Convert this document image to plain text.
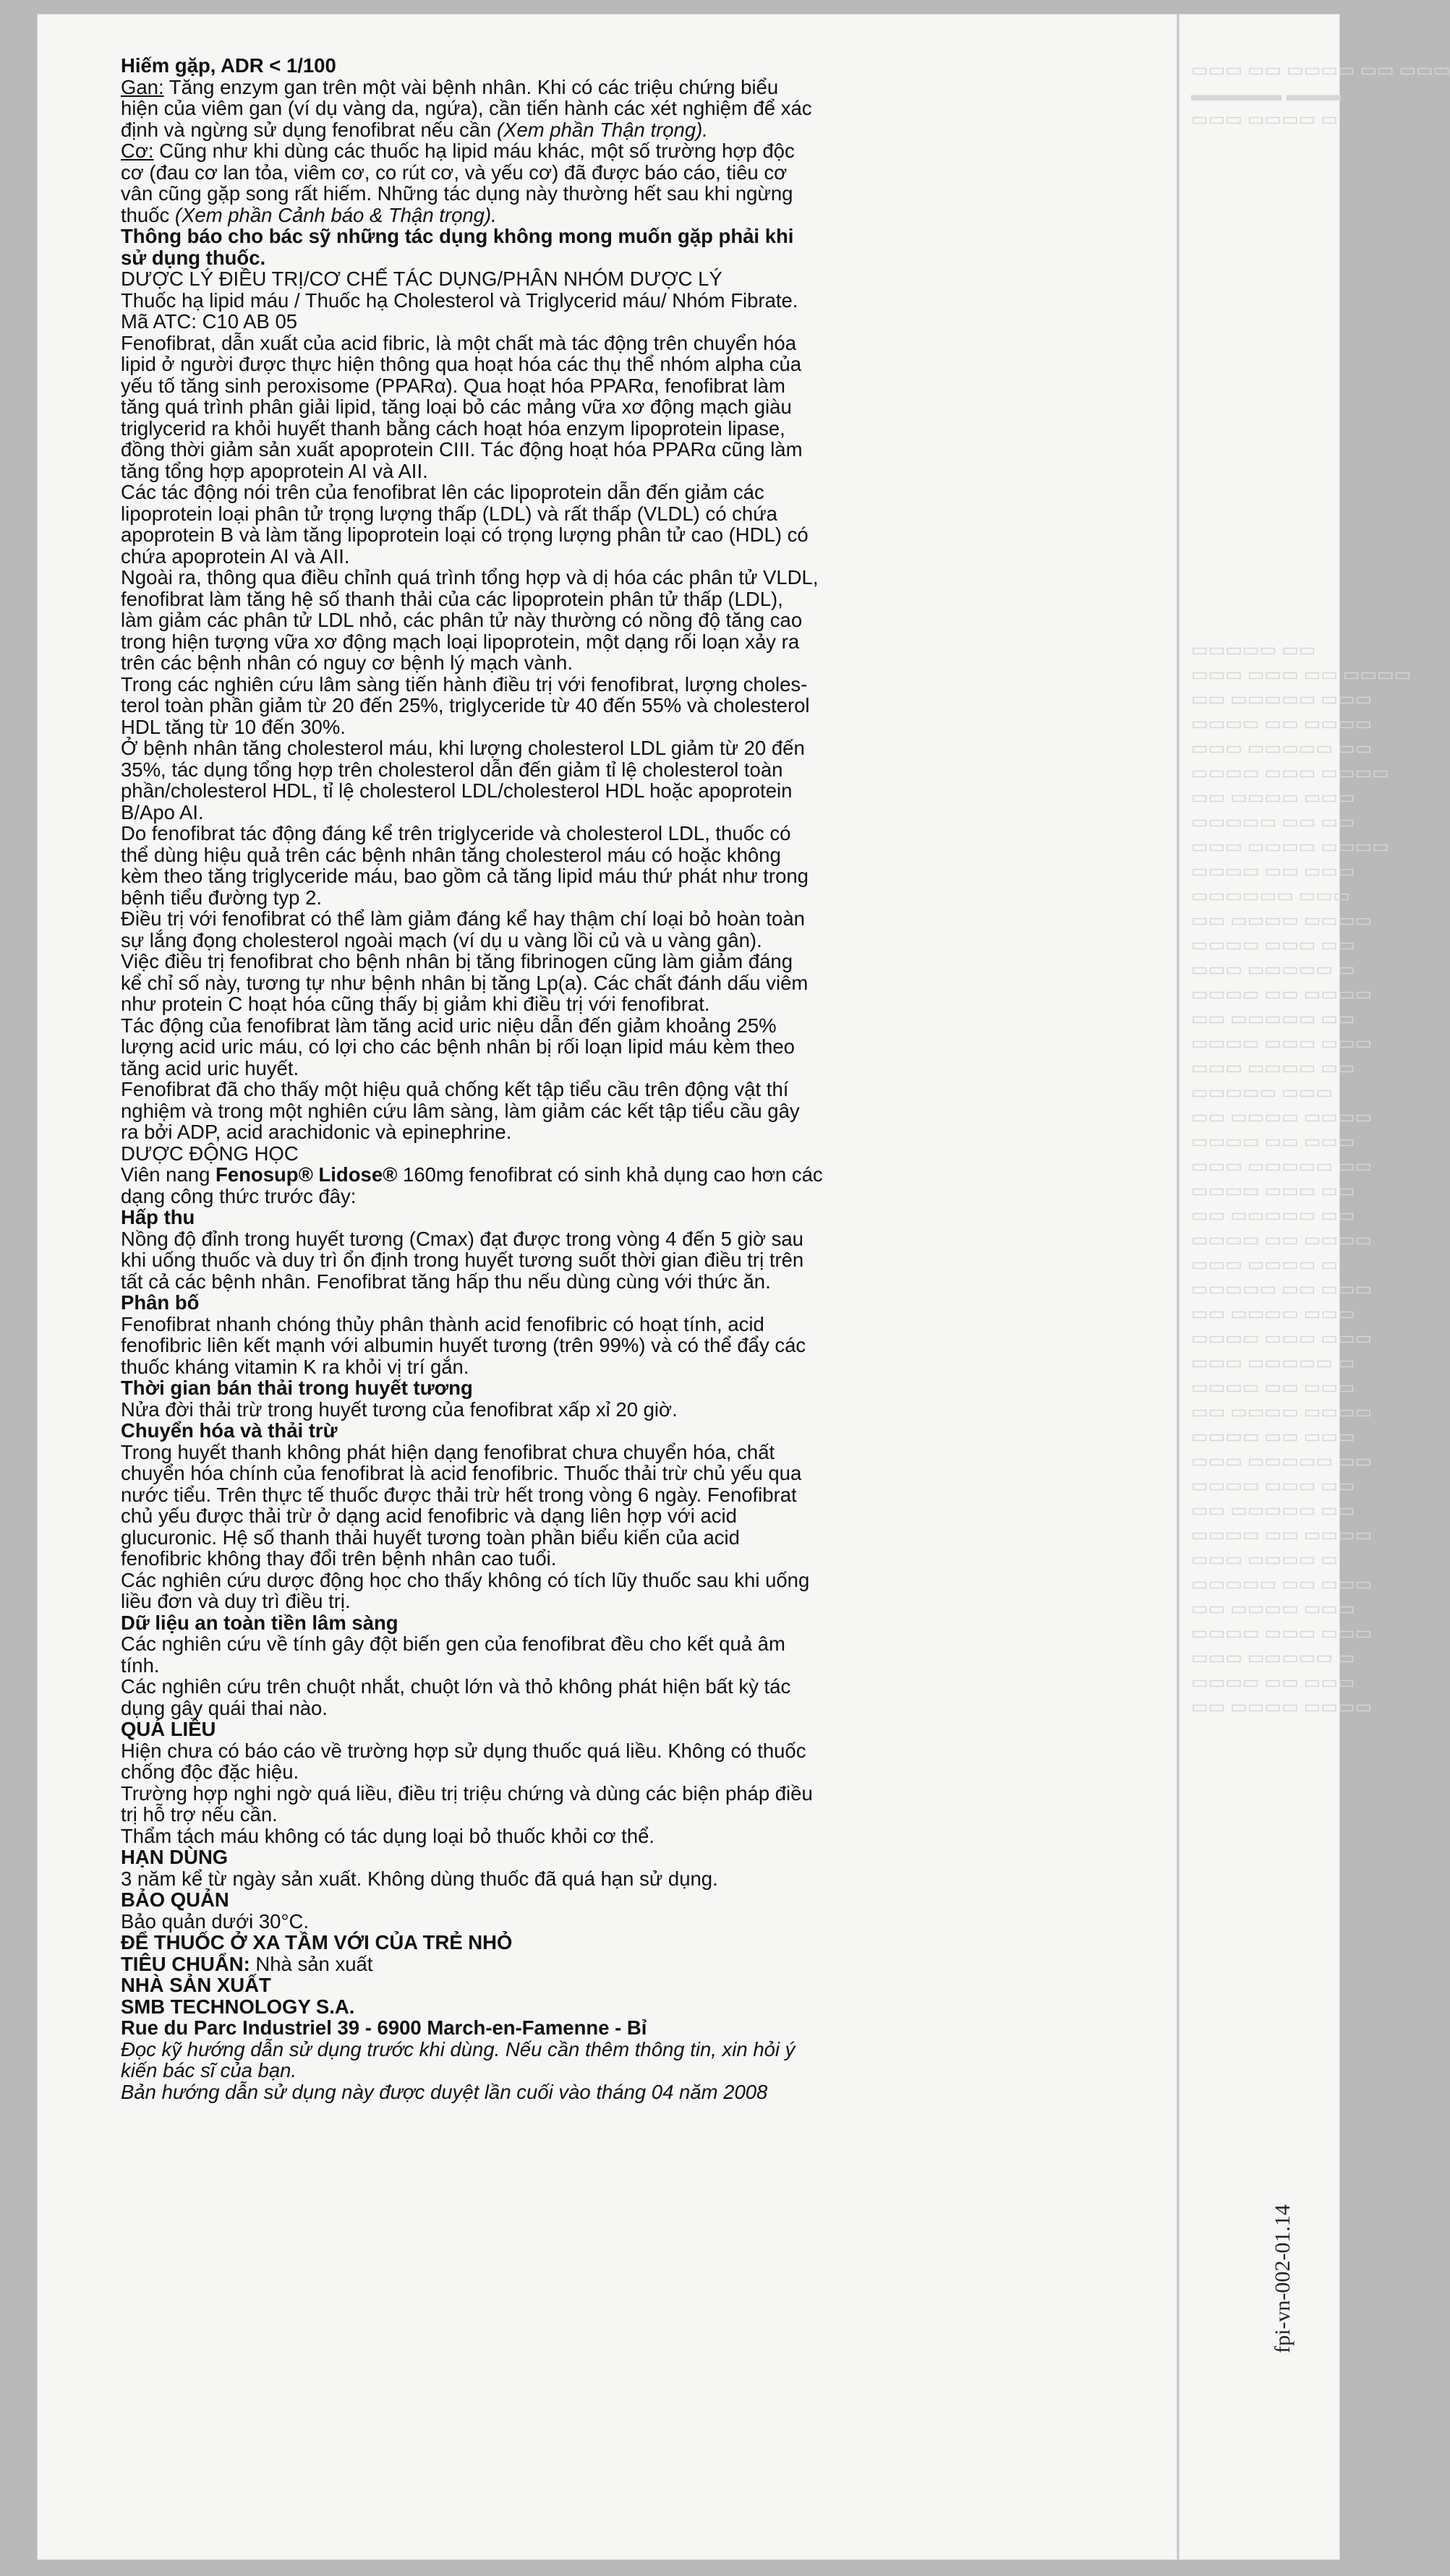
▭▭▭ ▭▭ ▭▭▭▭ ▭▭ ▭▭▭
▬▬▬▬▬ ▬▬▬
▭▭▭ ▭▭▭▭ ▭
▭▭▭▭▭ ▭▭
▭▭▭ ▭▭▭ ▭▭ ▭▭▭▭
▭▭ ▭▭▭▭▭ ▭▭▭
▭▭▭▭ ▭▭ ▭▭▭▭
▭▭▭ ▭▭▭▭▭ ▭▭
▭▭▭▭ ▭▭▭ ▭▭▭▭
▭▭ ▭▭▭▭ ▭▭▭
▭▭▭▭▭ ▭▭ ▭▭
▭▭▭ ▭▭▭▭ ▭▭▭▭
▭▭▭▭ ▭▭ ▭▭▭
▭▭▭▭▭▭ ▭▭▭
▭▭ ▭▭▭▭ ▭▭▭▭
▭▭▭▭ ▭▭▭ ▭▭
▭▭▭ ▭▭▭▭▭ ▭
▭▭▭▭ ▭▭ ▭▭▭▭
▭▭ ▭▭▭▭▭ ▭▭
▭▭▭▭ ▭▭▭ ▭▭▭
▭▭▭ ▭▭▭▭ ▭▭
▭▭▭▭▭ ▭▭▭
▭▭ ▭▭▭▭ ▭▭▭▭
▭▭▭▭ ▭▭ ▭▭▭
▭▭▭ ▭▭▭▭▭ ▭▭
▭▭▭▭ ▭▭▭ ▭▭
▭▭ ▭▭▭▭▭ ▭▭
▭▭▭▭ ▭▭ ▭▭▭▭
▭▭▭ ▭▭▭▭ ▭
▭▭▭▭▭ ▭▭ ▭▭▭
▭▭ ▭▭▭▭ ▭▭▭
▭▭▭▭ ▭▭▭ ▭▭▭
▭▭▭ ▭▭▭▭▭ ▭
▭▭▭▭ ▭▭ ▭▭▭
▭▭ ▭▭▭▭ ▭▭▭▭
▭▭▭▭ ▭▭ ▭▭▭
▭▭▭ ▭▭▭▭▭ ▭▭
▭▭▭▭ ▭▭▭ ▭▭
▭▭ ▭▭▭▭▭ ▭▭
▭▭▭▭ ▭▭ ▭▭▭▭
▭▭▭ ▭▭▭▭ ▭
▭▭▭▭▭ ▭▭ ▭▭▭
▭▭ ▭▭▭▭ ▭▭▭
▭▭▭▭ ▭▭▭ ▭▭▭
▭▭▭ ▭▭▭▭▭ ▭
▭▭▭▭ ▭▭ ▭▭▭
▭▭ ▭▭▭▭ ▭▭▭▭

Hiếm gặp, ADR < 1/100

Gan: Tăng enzym gan trên một vài bệnh nhân. Khi có các triệu chứng biểu

hiện của viêm gan (ví dụ vàng da, ngứa), cần tiến hành các xét nghiệm để xác

định và ngừng sử dụng fenofibrat nếu cần (Xem phần Thận trọng).

Cơ: Cũng như khi dùng các thuốc hạ lipid máu khác, một số trường hợp độc

cơ (đau cơ lan tỏa, viêm cơ, co rút cơ, và yếu cơ) đã được báo cáo, tiêu cơ

vân cũng gặp song rất hiếm. Những tác dụng này thường hết sau khi ngừng

thuốc (Xem phần Cảnh báo & Thận trọng).

Thông báo cho bác sỹ những tác dụng không mong muốn gặp phải khi

sử dụng thuốc.

DƯỢC LÝ ĐIỀU TRỊ/CƠ CHẾ TÁC DỤNG/PHÂN NHÓM DƯỢC LÝ

Thuốc hạ lipid máu / Thuốc hạ Cholesterol và Triglycerid máu/ Nhóm Fibrate.

Mã ATC: C10 AB 05

Fenofibrat, dẫn xuất của acid fibric, là một chất mà tác động trên chuyển hóa

lipid ở người được thực hiện thông qua hoạt hóa các thụ thể nhóm alpha của

yếu tố tăng sinh peroxisome (PPARα). Qua hoạt hóa PPARα, fenofibrat làm

tăng quá trình phân giải lipid, tăng loại bỏ các mảng vữa xơ động mạch giàu

triglycerid ra khỏi huyết thanh bằng cách hoạt hóa enzym lipoprotein lipase,

đồng thời giảm sản xuất apoprotein CIII. Tác động hoạt hóa PPARα cũng làm

tăng tổng hợp apoprotein AI và AII.

Các tác động nói trên của fenofibrat lên các lipoprotein dẫn đến giảm các

lipoprotein loại phân tử trọng lượng thấp (LDL) và rất thấp (VLDL) có chứa

apoprotein B và làm tăng lipoprotein loại có trọng lượng phân tử cao (HDL) có

chứa apoprotein AI và AII.

Ngoài ra, thông qua điều chỉnh quá trình tổng hợp và dị hóa các phân tử VLDL,

fenofibrat làm tăng hệ số thanh thải của các lipoprotein phân tử thấp (LDL),

làm giảm các phân tử LDL nhỏ, các phân tử này thường có nồng độ tăng cao

trong hiện tượng vữa xơ động mạch loại lipoprotein, một dạng rối loạn xảy ra

trên các bệnh nhân có nguy cơ bệnh lý mạch vành.

Trong các nghiên cứu lâm sàng tiến hành điều trị với fenofibrat, lượng choles-

terol toàn phần giảm từ 20 đến 25%, triglyceride từ 40 đến 55% và cholesterol

HDL tăng từ 10 đến 30%.

Ở bệnh nhân tăng cholesterol máu, khi lượng cholesterol LDL giảm từ 20 đến

35%, tác dụng tổng hợp trên cholesterol dẫn đến giảm tỉ lệ cholesterol toàn

phần/cholesterol HDL, tỉ lệ cholesterol LDL/cholesterol HDL hoặc apoprotein

B/Apo AI.

Do fenofibrat tác động đáng kể trên triglyceride và cholesterol LDL, thuốc có

thể dùng hiệu quả trên các bệnh nhân tăng cholesterol máu có hoặc không

kèm theo tăng triglyceride máu, bao gồm cả tăng lipid máu thứ phát như trong

bệnh tiểu đường typ 2.

Điều trị với fenofibrat có thể làm giảm đáng kể hay thậm chí loại bỏ hoàn toàn

sự lắng đọng cholesterol ngoài mạch (ví dụ u vàng lồi củ và u vàng gân).

Việc điều trị fenofibrat cho bệnh nhân bị tăng fibrinogen cũng làm giảm đáng

kể chỉ số này, tương tự như bệnh nhân bị tăng Lp(a). Các chất đánh dấu viêm

như protein C hoạt hóa cũng thấy bị giảm khi điều trị với fenofibrat.

Tác động của fenofibrat làm tăng acid uric niệu dẫn đến giảm khoảng 25%

lượng acid uric máu, có lợi cho các bệnh nhân bị rối loạn lipid máu kèm theo

tăng acid uric huyết.

Fenofibrat đã cho thấy một hiệu quả chống kết tập tiểu cầu trên động vật thí

nghiệm và trong một nghiên cứu lâm sàng, làm giảm các kết tập tiểu cầu gây

ra bởi ADP, acid arachidonic và epinephrine.

DƯỢC ĐỘNG HỌC

Viên nang Fenosup® Lidose® 160mg fenofibrat có sinh khả dụng cao hơn các

dạng công thức trước đây:

Hấp thu

Nồng độ đỉnh trong huyết tương (Cmax) đạt được trong vòng 4 đến 5 giờ sau

khi uống thuốc và duy trì ổn định trong huyết tương suốt thời gian điều trị trên

tất cả các bệnh nhân. Fenofibrat tăng hấp thu nếu dùng cùng với thức ăn.

Phân bố

Fenofibrat nhanh chóng thủy phân thành acid fenofibric có hoạt tính, acid

fenofibric liên kết mạnh với albumin huyết tương (trên 99%) và có thể đẩy các

thuốc kháng vitamin K ra khỏi vị trí gắn.

Thời gian bán thải trong huyết tương

Nửa đời thải trừ trong huyết tương của fenofibrat xấp xỉ 20 giờ.

Chuyển hóa và thải trừ

Trong huyết thanh không phát hiện dạng fenofibrat chưa chuyển hóa, chất

chuyển hóa chính của fenofibrat là acid fenofibric. Thuốc thải trừ chủ yếu qua

nước tiểu. Trên thực tế thuốc được thải trừ hết trong vòng 6 ngày. Fenofibrat

chủ yếu được thải trừ ở dạng acid fenofibric và dạng liên hợp với acid

glucuronic. Hệ số thanh thải huyết tương toàn phần biểu kiến của acid

fenofibric không thay đổi trên bệnh nhân cao tuổi.

Các nghiên cứu dược động học cho thấy không có tích lũy thuốc sau khi uống

liều đơn và duy trì điều trị.

Dữ liệu an toàn tiền lâm sàng

Các nghiên cứu về tính gây đột biến gen của fenofibrat đều cho kết quả âm

tính.

Các nghiên cứu trên chuột nhắt, chuột lớn và thỏ không phát hiện bất kỳ tác

dụng gây quái thai nào.

QUÁ LIỀU

Hiện chưa có báo cáo về trường hợp sử dụng thuốc quá liều. Không có thuốc

chống độc đặc hiệu.

Trường hợp nghi ngờ quá liều, điều trị triệu chứng và dùng các biện pháp điều

trị hỗ trợ nếu cần.

Thẩm tách máu không có tác dụng loại bỏ thuốc khỏi cơ thể.

HẠN DÙNG

3 năm kể từ ngày sản xuất. Không dùng thuốc đã quá hạn sử dụng.

BẢO QUẢN

Bảo quản dưới 30°C.

ĐỂ THUỐC Ở XA TẦM VỚI CỦA TRẺ NHỎ

TIÊU CHUẨN: Nhà sản xuất

NHÀ SẢN XUẤT

SMB TECHNOLOGY S.A.

Rue du Parc Industriel 39 - 6900 March-en-Famenne - Bỉ

Đọc kỹ hướng dẫn sử dụng trước khi dùng. Nếu cần thêm thông tin, xin hỏi ý

kiến bác sĩ của bạn.

Bản hướng dẫn sử dụng này được duyệt lần cuối vào tháng 04 năm 2008

fpi-vn-002-01.14
